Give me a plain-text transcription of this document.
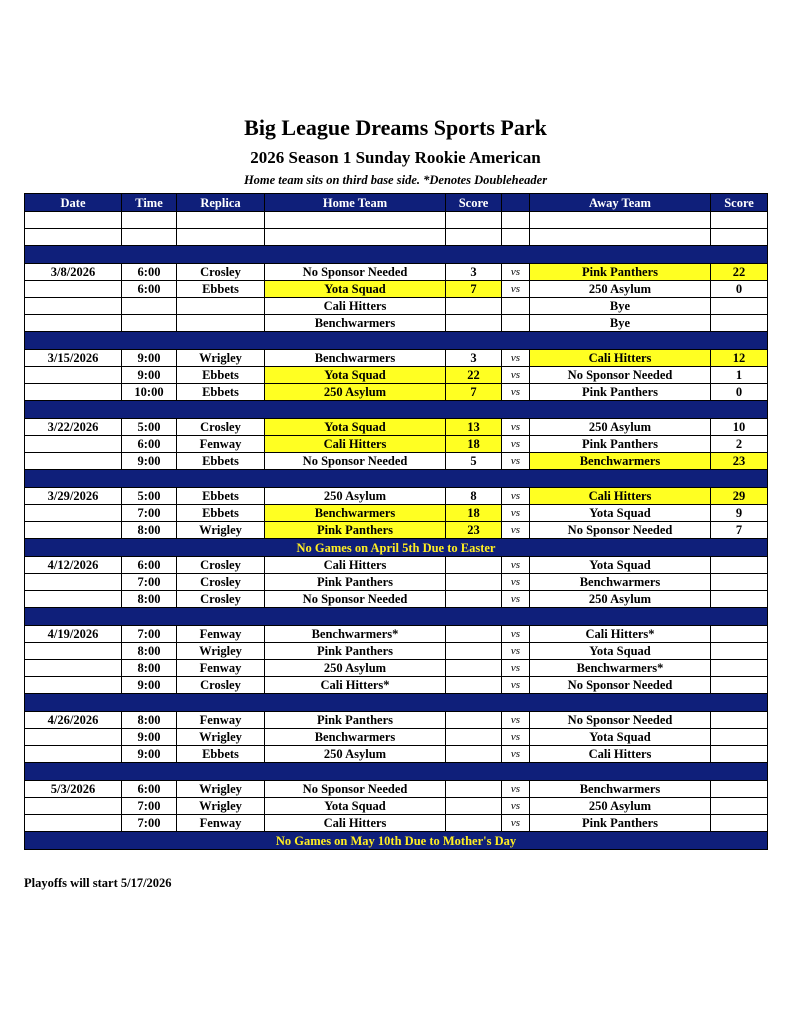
Big League Dreams Sports Park
2026 Season 1 Sunday Rookie American
Home team sits on third base side. *Denotes Doubleheader
Date	Time	Replica	Home Team	Score		Away Team	Score

3/8/2026	6:00	Crosley	No Sponsor Needed	3	vs	Pink Panthers	22
	6:00	Ebbets	Yota Squad	7	vs	250 Asylum	0
			Cali Hitters			Bye	
			Benchwarmers			Bye	

3/15/2026	9:00	Wrigley	Benchwarmers	3	vs	Cali Hitters	12
	9:00	Ebbets	Yota Squad	22	vs	No Sponsor Needed	1
	10:00	Ebbets	250 Asylum	7	vs	Pink Panthers	0

3/22/2026	5:00	Crosley	Yota Squad	13	vs	250 Asylum	10
	6:00	Fenway	Cali Hitters	18	vs	Pink Panthers	2
	9:00	Ebbets	No Sponsor Needed	5	vs	Benchwarmers	23

3/29/2026	5:00	Ebbets	250 Asylum	8	vs	Cali Hitters	29
	7:00	Ebbets	Benchwarmers	18	vs	Yota Squad	9
	8:00	Wrigley	Pink Panthers	23	vs	No Sponsor Needed	7
No Games on April 5th Due to Easter							
4/12/2026	6:00	Crosley	Cali Hitters		vs	Yota Squad	
	7:00	Crosley	Pink Panthers		vs	Benchwarmers	
	8:00	Crosley	No Sponsor Needed		vs	250 Asylum	

4/19/2026	7:00	Fenway	Benchwarmers*		vs	Cali Hitters*	
	8:00	Wrigley	Pink Panthers		vs	Yota Squad	
	8:00	Fenway	250 Asylum		vs	Benchwarmers*	
	9:00	Crosley	Cali Hitters*		vs	No Sponsor Needed	

4/26/2026	8:00	Fenway	Pink Panthers		vs	No Sponsor Needed	
	9:00	Wrigley	Benchwarmers		vs	Yota Squad	
	9:00	Ebbets	250 Asylum		vs	Cali Hitters	

5/3/2026	6:00	Wrigley	No Sponsor Needed		vs	Benchwarmers	
	7:00	Wrigley	Yota Squad		vs	250 Asylum	
	7:00	Fenway	Cali Hitters		vs	Pink Panthers	
No Games on May 10th Due to Mother's Day							
Playoffs will start 5/17/2026
